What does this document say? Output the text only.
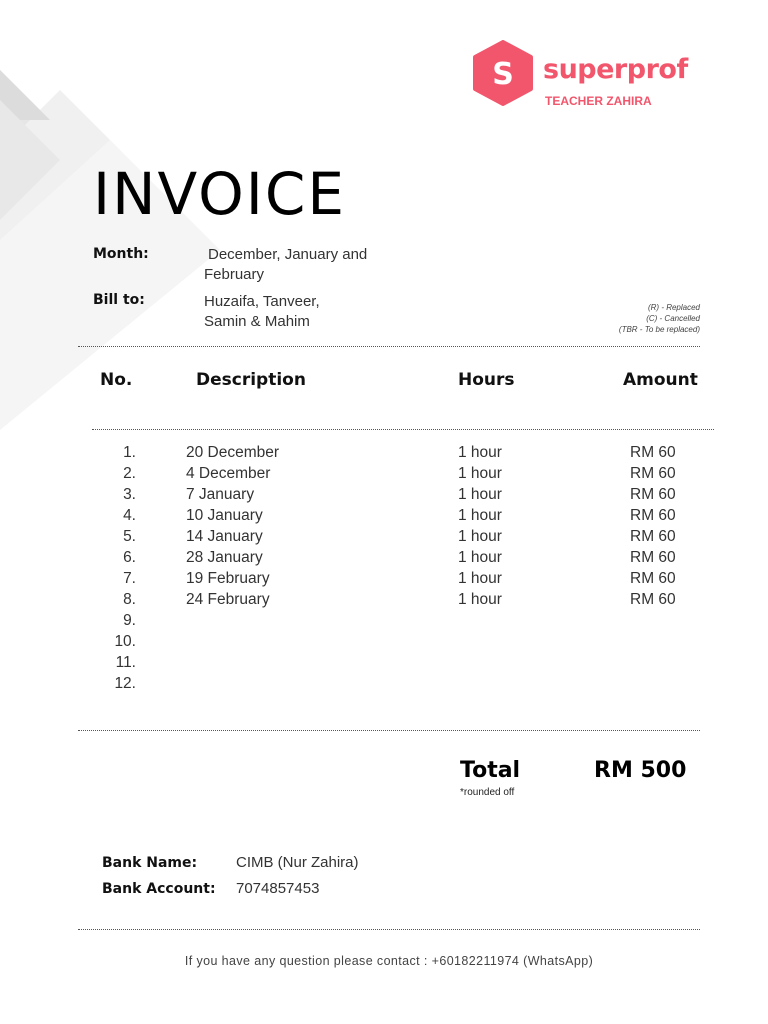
S superprof
TEACHER ZAHIRA
INVOICE
Month:	December, January and
February
Bill to:	Huzaifa, Tanveer,
Samin & Mahim
(R) - Replaced
(C) - Cancelled
(TBR - To be replaced)
No.	Description	Hours	Amount
1.	20 December	1 hour	RM 60
2.	4 December	1 hour	RM 60
3.	7 January	1 hour	RM 60
4.	10 January	1 hour	RM 60
5.	14 January	1 hour	RM 60
6.	28 January	1 hour	RM 60
7.	19 February	1 hour	RM 60
8.	24 February	1 hour	RM 60
9.
10.
11.
12.
Total	RM 500
*rounded off
Bank Name:	CIMB (Nur Zahira)
Bank Account: 7074857453
If you have any question please contact : +60182211974 (WhatsApp)
